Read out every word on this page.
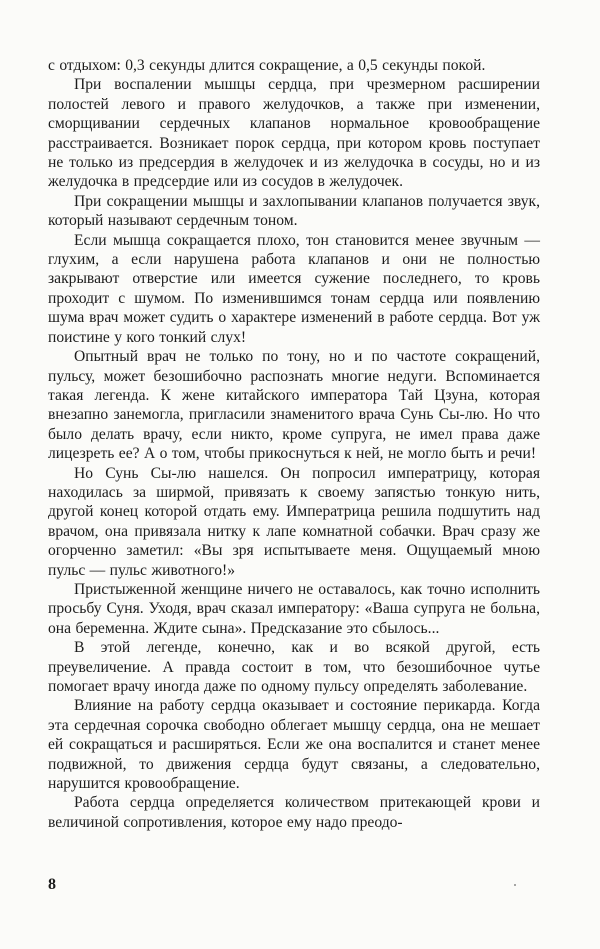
с отдыхом: 0,3 секунды длится сокращение, а 0,5 секунды покой.

При воспалении мышцы сердца, при чрезмерном расширении полостей левого и правого желудочков, а также при изменении, сморщивании сердечных клапанов нормальное кровообращение расстраивается. Возникает порок сердца, при котором кровь поступает не только из предсердия в желудочек и из желудочка в сосуды, но и из желудочка в предсердие или из сосудов в желудочек.

При сокращении мышцы и захлопывании клапанов получается звук, который называют сердечным тоном.

Если мышца сокращается плохо, тон становится менее звучным — глухим, а если нарушена работа клапанов и они не полностью закрывают отверстие или имеется сужение последнего, то кровь проходит с шумом. По изменившимся тонам сердца или появлению шума врач может судить о характере изменений в работе сердца. Вот уж поистине у кого тонкий слух!

Опытный врач не только по тону, но и по частоте сокращений, пульсу, может безошибочно распознать многие недуги. Вспоминается такая легенда. К жене китайского императора Тай Цзуна, которая внезапно занемогла, пригласили знаменитого врача Сунь Сы-лю. Но что было делать врачу, если никто, кроме супруга, не имел права даже лицезреть ее? А о том, чтобы прикоснуться к ней, не могло быть и речи!

Но Сунь Сы-лю нашелся. Он попросил императрицу, которая находилась за ширмой, привязать к своему запястью тонкую нить, другой конец которой отдать ему. Императрица решила подшутить над врачом, она привязала нитку к лапе комнатной собачки. Врач сразу же огорченно заметил: «Вы зря испытываете меня. Ощущаемый мною пульс — пульс животного!»

Пристыженной женщине ничего не оставалось, как точно исполнить просьбу Суня. Уходя, врач сказал императору: «Ваша супруга не больна, она беременна. Ждите сына». Предсказание это сбылось...

В этой легенде, конечно, как и во всякой другой, есть преувеличение. А правда состоит в том, что безошибочное чутье помогает врачу иногда даже по одному пульсу определять заболевание.

Влияние на работу сердца оказывает и состояние перикарда. Когда эта сердечная сорочка свободно облегает мышцу сердца, она не мешает ей сокращаться и расширяться. Если же она воспалится и станет менее подвижной, то движения сердца будут связаны, а следовательно, нарушится кровообращение.

Работа сердца определяется количеством притекающей крови и величиной сопротивления, которое ему надо преодо-

8
